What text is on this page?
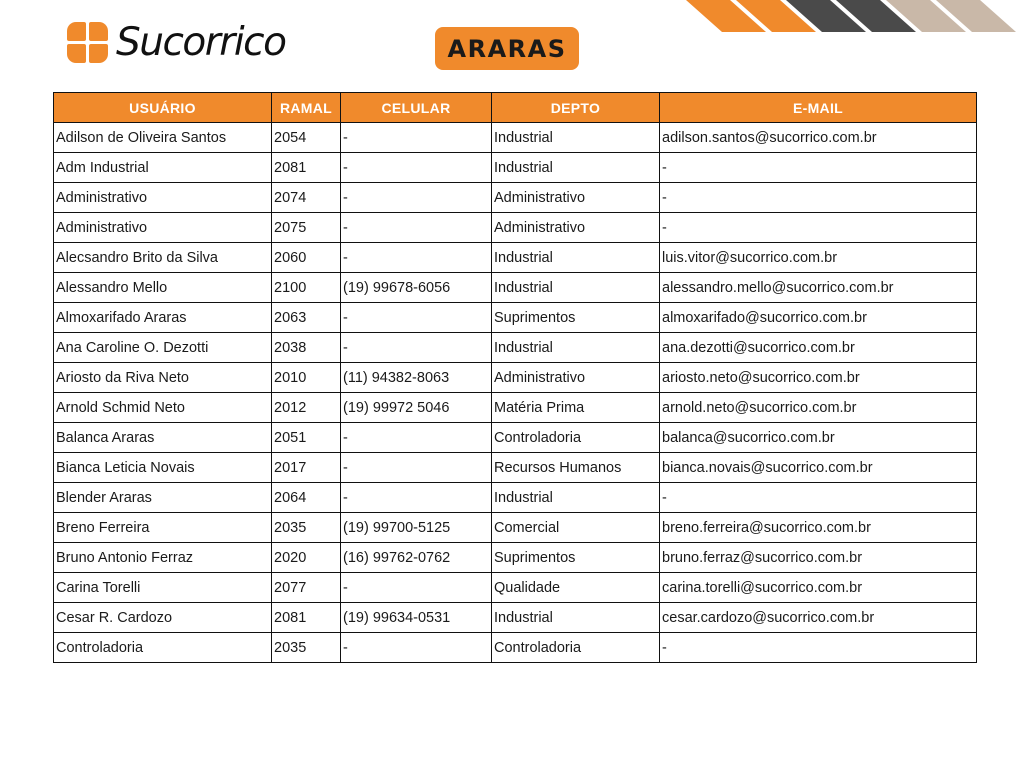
Sucorrico	ARARAS
USUÁRIO	RAMAL	CELULAR	DEPTO	E-MAIL
Adilson de Oliveira Santos	2054	-	Industrial	adilson.santos@sucorrico.com.br
Adm Industrial	2081	-	Industrial	-
Administrativo	2074	-	Administrativo	-
Administrativo	2075	-	Administrativo	-
Alecsandro Brito da Silva	2060	-	Industrial	luis.vitor@sucorrico.com.br
Alessandro Mello	2100	(19) 99678-6056	Industrial	alessandro.mello@sucorrico.com.br
Almoxarifado Araras	2063	-	Suprimentos	almoxarifado@sucorrico.com.br
Ana Caroline O. Dezotti	2038	-	Industrial	ana.dezotti@sucorrico.com.br
Ariosto da Riva Neto	2010	(11) 94382-8063	Administrativo	ariosto.neto@sucorrico.com.br
Arnold Schmid Neto	2012	(19) 99972 5046	Matéria Prima	arnold.neto@sucorrico.com.br
Balanca Araras	2051	-	Controladoria	balanca@sucorrico.com.br
Bianca Leticia Novais	2017	-	Recursos Humanos	bianca.novais@sucorrico.com.br
Blender Araras	2064	-	Industrial	-
Breno Ferreira	2035	(19) 99700-5125	Comercial	breno.ferreira@sucorrico.com.br
Bruno Antonio Ferraz	2020	(16) 99762-0762	Suprimentos	bruno.ferraz@sucorrico.com.br
Carina Torelli	2077	-	Qualidade	carina.torelli@sucorrico.com.br
Cesar R. Cardozo	2081	(19) 99634-0531	Industrial	cesar.cardozo@sucorrico.com.br
Controladoria	2035	-	Controladoria	-
